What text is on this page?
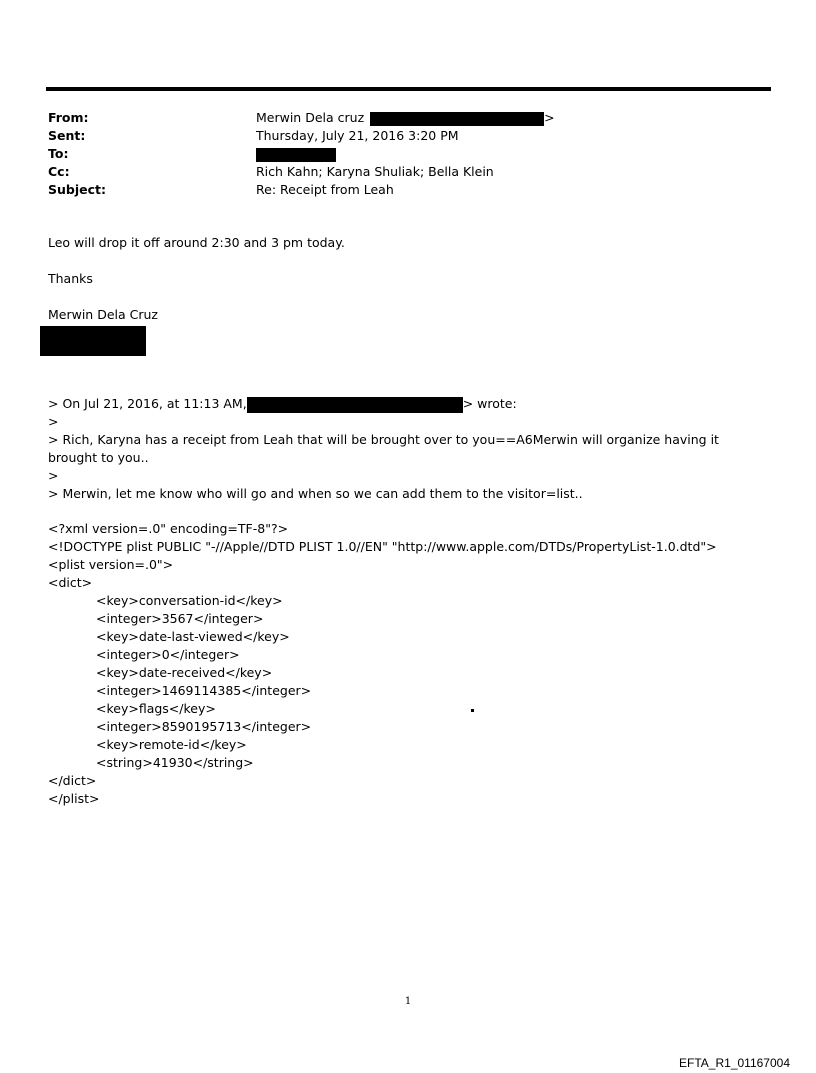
From:	Merwin Dela cruz	>
Sent:	Thursday, July 21, 2016 3:20 PM
To:
Cc:	Rich Kahn; Karyna Shuliak; Bella Klein
Subject:	Re: Receipt from Leah
Leo will drop it off around 2:30 and 3 pm today.
Thanks
Merwin Dela Cruz
> On Jul 21, 2016, at 11:13 AM,	> wrote:
>
> Rich, Karyna has a receipt from Leah that will be brought over to you==A6Merwin will organize having it brought to you..
>
> Merwin, let me know who will go and when so we can add them to the visitor=list..
<?xml version=.0" encoding=TF-8"?>
<!DOCTYPE plist PUBLIC "-//Apple//DTD PLIST 1.0//EN" "http://www.apple.com/DTDs/PropertyList-1.0.dtd">
<plist version=.0">
<dict>
<key>conversation-id</key>
<integer>3567</integer>
<key>date-last-viewed</key>
<integer>0</integer>
<key>date-received</key>
<integer>1469114385</integer>
<key>flags</key>
<integer>8590195713</integer>
<key>remote-id</key>
<string>41930</string>
</dict>
</plist>
1
EFTA_R1_01167004
